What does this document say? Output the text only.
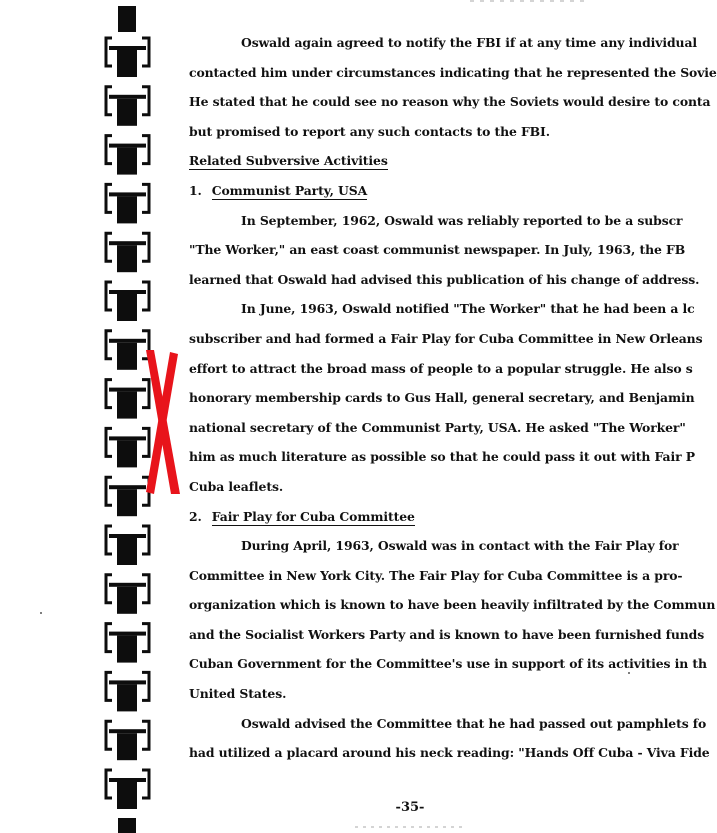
Oswald again agreed to notify the FBI if at any time any individual
contacted him under circumstances indicating that he represented the Sovie
He stated that he could see no reason why the Soviets would desire to conta
but promised to report any such contacts to the FBI.

Related Subversive Activities
1. Communist Party, USA

In September, 1962, Oswald was reliably reported to be a subscr
"The Worker," an east coast communist newspaper. In July, 1963, the FB
learned that Oswald had advised this publication of his change of address.

In June, 1963, Oswald notified "The Worker" that he had been a lc
subscriber and had formed a Fair Play for Cuba Committee in New Orleans
effort to attract the broad mass of people to a popular struggle. He also s
honorary membership cards to Gus Hall, general secretary, and Benjamin
national secretary of the Communist Party, USA. He asked "The Worker"
him as much literature as possible so that he could pass it out with Fair P
Cuba leaflets.

2. Fair Play for Cuba Committee

During April, 1963, Oswald was in contact with the Fair Play for
Committee in New York City. The Fair Play for Cuba Committee is a pro-
organization which is known to have been heavily infiltrated by the Commun
and the Socialist Workers Party and is known to have been furnished funds
Cuban Government for the Committee's use in support of its activities in th
United States.

Oswald advised the Committee that he had passed out pamphlets fo
had utilized a placard around his neck reading: "Hands Off Cuba - Viva Fide

-35-
